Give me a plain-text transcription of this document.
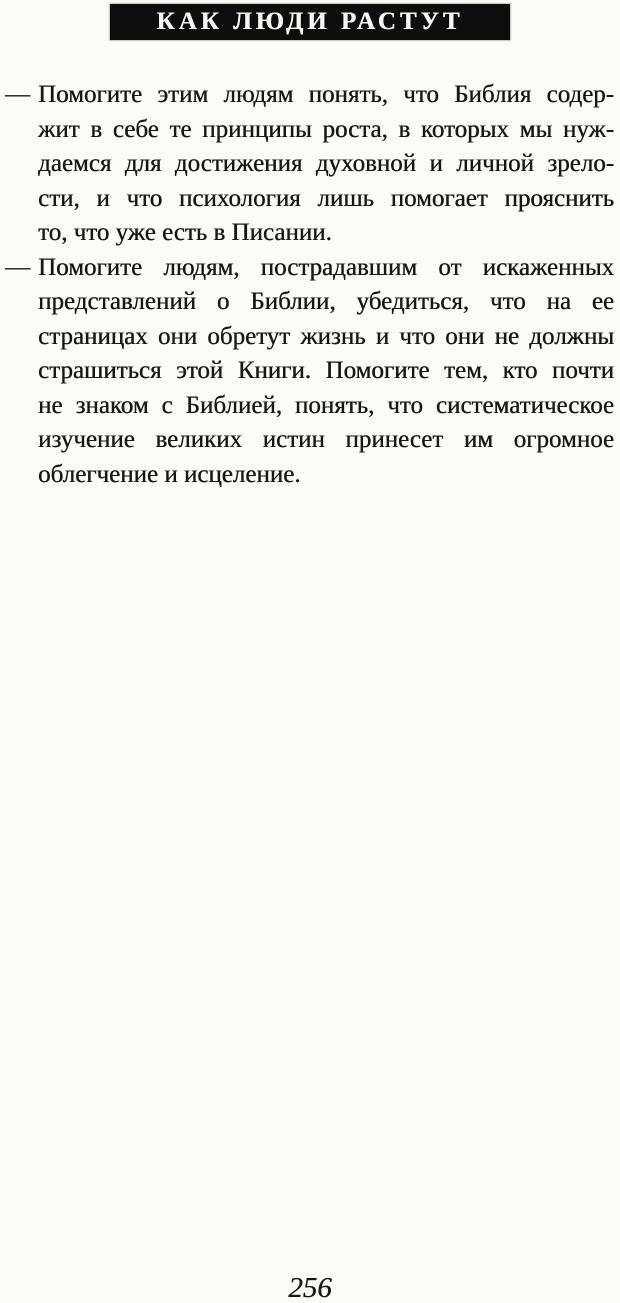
КАК ЛЮДИ РАСТУТ
— Помогите этим людям понять, что Библия содер-
жит в себе те принципы роста, в которых мы нуж-
даемся для достижения духовной и личной зрело-
сти, и что психология лишь помогает прояснить
то, что уже есть в Писании.
— Помогите людям, пострадавшим от искаженных
представлений о Библии, убедиться, что на ее
страницах они обретут жизнь и что они не должны
страшиться этой Книги. Помогите тем, кто почти
не знаком с Библией, понять, что систематическое
изучение великих истин принесет им огромное
облегчение и исцеление.
256
